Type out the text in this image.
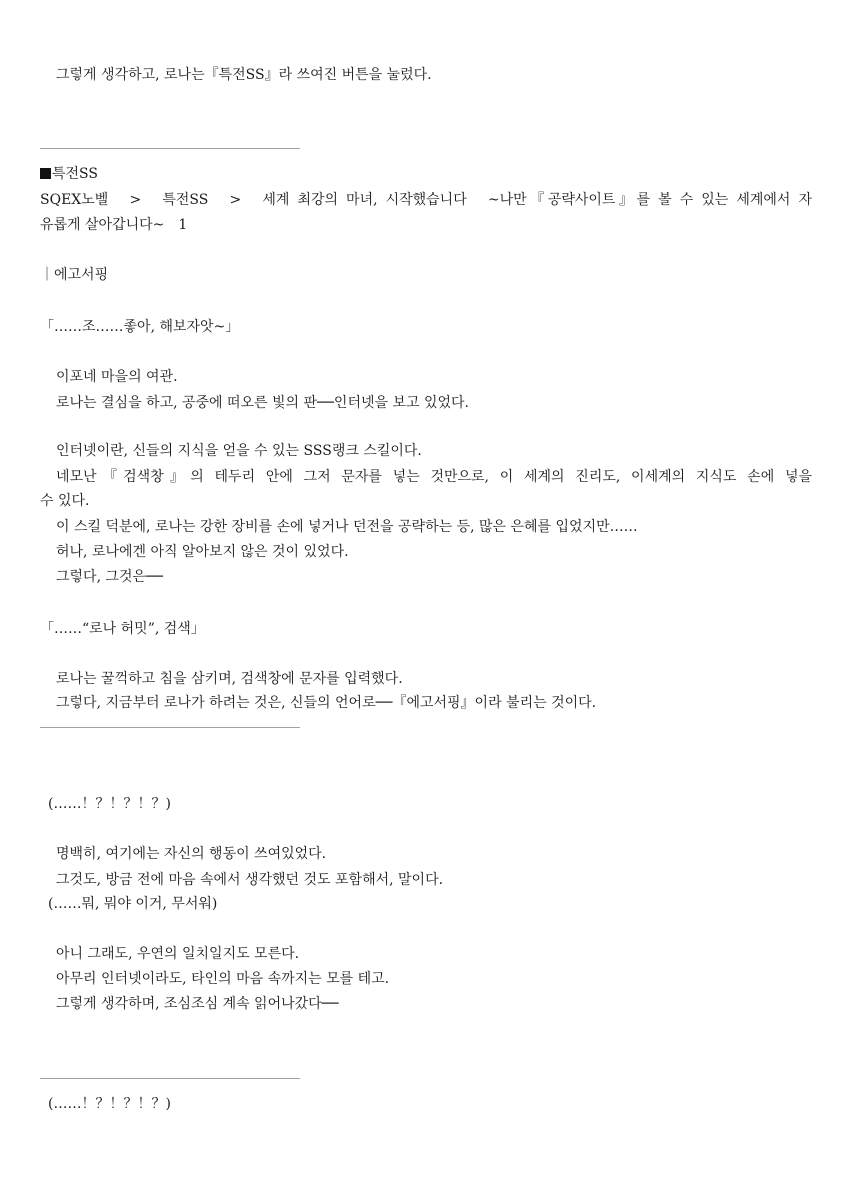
그렇게 생각하고, 로나는『특전SS』라 쓰여진 버튼을 눌렀다.
특전SS
SQEX노벨　>　특전SS　>　세계 최강의 마녀, 시작했습니다　~나만『공략사이트』를 볼 수 있는 세계에서 자
유롭게 살아갑니다~　1
｜에고서핑
「……조……좋아, 해보자앗~」
이포네 마을의 여관.
로나는 결심을 하고, 공중에 떠오른 빛의 판──인터넷을 보고 있었다.
인터넷이란, 신들의 지식을 얻을 수 있는 SSS랭크 스킬이다.
네모난『검색창』의 테두리 안에 그저 문자를 넣는 것만으로, 이 세계의 진리도, 이세계의 지식도 손에 넣을
수 있다.
이 스킬 덕분에, 로나는 강한 장비를 손에 넣거나 던전을 공략하는 등, 많은 은혜를 입었지만……
허나, 로나에겐 아직 알아보지 않은 것이 있었다.
그렇다, 그것은──
「……“로나 허밋”, 검색」
로나는 꿀꺽하고 침을 삼키며, 검색창에 문자를 입력했다.
그렇다, 지금부터 로나가 하려는 것은, 신들의 언어로──『에고서핑』이라 불리는 것이다.
(……！？！？！？)
명백히, 여기에는 자신의 행동이 쓰여있었다.
그것도, 방금 전에 마음 속에서 생각했던 것도 포함해서, 말이다.
(……뭐, 뭐야 이거, 무서워)
아니 그래도, 우연의 일치일지도 모른다.
아무리 인터넷이라도, 타인의 마음 속까지는 모를 테고.
그렇게 생각하며, 조심조심 계속 읽어나갔다──
(……！？！？！？)
